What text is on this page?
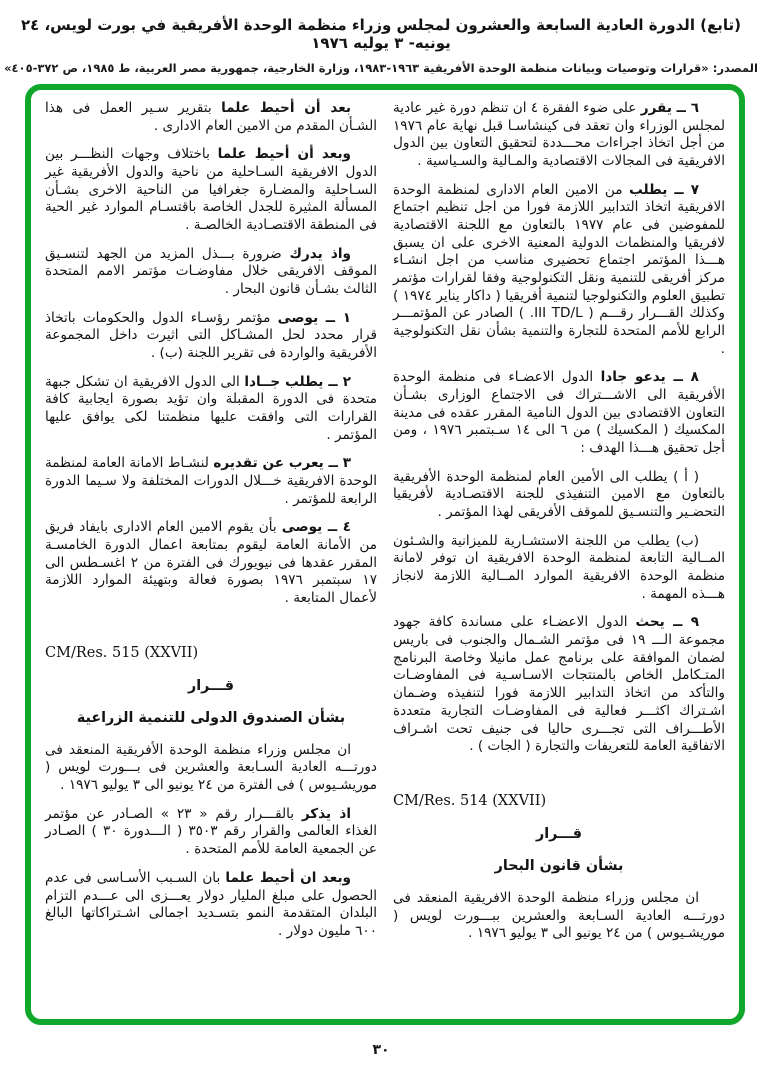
(تابع) الدورة العادية السابعة والعشرون لمجلس وزراء منظمة الوحدة الأفريقية في بورت لويس، ٢٤ يونيه- ٣ يوليه ١٩٧٦
المصدر: «قرارات وتوصيات وبيانات منظمة الوحدة الأفريقية ١٩٦٣-١٩٨٣، وزارة الخارجية، جمهورية مصر العربية، ط ١٩٨٥، ص ٣٧٢-٤٠٥»

٦ ــ يقرر على ضوء الفقرة ٤ ان تنظم دورة غير عادية لمجلس الوزراء وان تعقد فى كينشاسـا قبل نهاية عام ١٩٧٦ من أجل اتخاذ اجراءات محـــددة لتحقيق التعاون بين الدول الافريقية فى المجالات الاقتصادية والمـالية والسـياسية .

٧ ــ يطلب من الامين العام الادارى لمنظمة الوحدة الافريقية اتخاذ التدابير اللازمة فورا من اجل تنظيم اجتماع للمفوضين فى عام ١٩٧٧ بالتعاون مع اللجنة الاقتصادية لافريقيا والمنظمات الدولية المعنية الاخرى على ان يسبق هـــذا المؤتمر اجتماع تحضيرى مناسب من اجل انشـاء مركز أفريقى للتنمية ونقل التكنولوجية وفقا لقرارات مؤتمر تطبيق العلوم والتكنولوجيا لتنمية أفريقيا ( داكار يناير ١٩٧٤ ) وكذلك القـــرار رقـــم ( III TD/L. ) الصادر عن المؤتمـــر الرابع للأمم المتحدة للتجارة والتنمية بشأن نقل التكنولوجية .

٨ ــ يدعو جادا الدول الاعضـاء فى منظمة الوحدة الأفريقية الى الاشـــتراك فى الاجتماع الوزارى بشـأن التعاون الاقتصادى بين الدول النامية المقرر عقده فى مدينة المكسيك ( المكسيك ) من ٦ الى ١٤ سـبتمبر ١٩٧٦ ، ومن أجل تحقيق هـــذا الهدف :

( أ ) يطلب الى الأمين العام لمنظمة الوحدة الأفريقية بالتعاون مع الامين التنفيذى للجنة الاقتصـادية لأفريقيا التحضـير والتنسـيق للموقف الأفريقى لهذا المؤتمر .

(ب) يطلب من اللجنة الاستشـارية للميزانية والشـئون المــالية التابعة لمنظمة الوحدة الافريقية ان توفر لامانة منظمة الوحدة الافريقية الموارد المــالية اللازمة لانجاز هـــذه المهمة .

٩ ــ يحث الدول الاعضـاء على مساندة كافة جهود مجموعة الـــ ١٩ فى مؤتمر الشـمال والجنوب فى باريس لضمان الموافقة على برنامج عمل مانيلا وخاصة البرنامج المتـكامل الخاص بالمنتجات الاسـاسـية فى المفاوضـات والتأكد من اتخاذ التدابير اللازمة فورا لتنفيذه وضـمان اشـتراك اكثـــر فعالية فى المفاوضـات التجارية متعددة الأطـــراف التى تجـــرى حاليا فى جنيف تحت اشـراف الاتفاقية العامة للتعريفات والتجارة ( الجات ) .

CM/Res. 514 (XXVII)

قـــرار

بشأن قانون البحار

ان مجلس وزراء منظمة الوحدة الافريقية المنعقد فى دورتـــه العادية السـابعة والعشرين ببـــورت لويس ( موريشـيوس ) من ٢٤ يونيو الى ٣ يوليو ١٩٧٦ .

بعد أن أحيط علما بتقرير سـير العمل فى هذا الشـأن المقدم من الامين العام الادارى .

وبعد أن أحيط علما باختلاف وجهات النظـــر بين الدول الافريقية السـاحلية من ناحية والدول الأفريقية غير السـاحلية والمضـارة جغرافيا من الناحية الاخرى بشـأن المسألة المثيرة للجدل الخاصة باقتسـام الموارد غير الحية فى المنطقة الاقتصـادية الخالصـة .

واذ يدرك ضرورة بـــذل المزيد من الجهد لتنسـيق الموقف الافريقى خلال مفاوضـات مؤتمر الامم المتحدة الثالث بشـأن قانون البحار .

١ ــ يوصى مؤتمر رؤسـاء الدول والحكومات باتخاذ قرار محدد لحل المشـاكل التى اثيرت داخل المجموعة الأفريقية والواردة فى تقرير اللجنة (ب) .

٢ ــ يطلب جــادا الى الدول الافريقية ان تشكل جبهة متحدة فى الدورة المقبلة وان تؤيد بصورة ايجابية كافة القرارات التى وافقت عليها منظمتنا لكى يوافق عليها المؤتمر .

٣ ــ يعرب عن تقديره لنشـاط الامانة العامة لمنظمة الوحدة الافريقية خـــلال الدورات المختلفة ولا سـيما الدورة الرابعة للمؤتمر .

٤ ــ يوصى بأن يقوم الامين العام الادارى بايفاد فريق من الأمانة العامة ليقوم بمتابعة اعمال الدورة الخامسـة المقرر عقدها فى نيويورك فى الفترة من ٢ اغسـطس الى ١٧ سبتمبر ١٩٧٦ بصورة فعالة وبتهيئة الموارد اللازمة لأعمال المتابعة .

CM/Res. 515 (XXVII)

قـــرار

بشأن الصندوق الدولى للتنمية الزراعية

ان مجلس وزراء منظمة الوحدة الأفريقية المنعقد فى دورتـــه العادية السـابعة والعشرين فى بـــورت لويس ( موريشـيوس ) فى الفترة من ٢٤ يونيو الى ٣ يوليو ١٩٧٦ .

اذ يذكر بالقـــرار رقم « ٢٣ » الصـادر عن مؤتمر الغذاء العالمى والقرار رقم ٣٥٠٣ ( الـــدورة ٣٠ ) الصـادر عن الجمعية العامة للأمم المتحدة .

وبعد ان أحيط علما بان السـبب الأسـاسى فى عدم الحصول على مبلغ المليار دولار يعـــزى الى عـــدم التزام البلدان المتقدمة النمو بتسـديد اجمالى اشـتراكاتها البالغ ٦٠٠ مليون دولار .

٣٠
